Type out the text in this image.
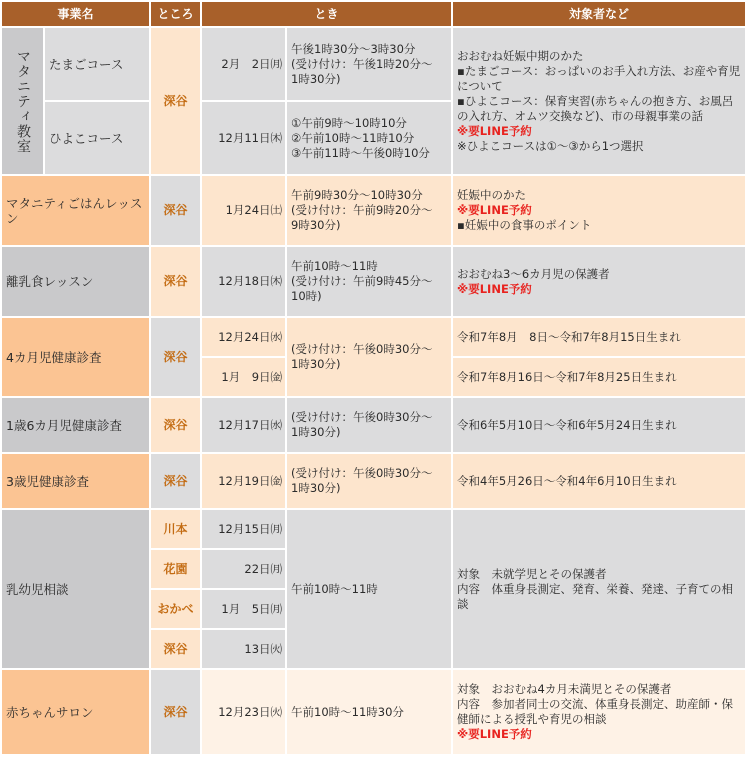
事業名		ところ	とき		対象者など
マタニティ教室	たまごコース	深谷	2月　2日㈪	午後1時30分～3時30分
(受け付け：午後1時20分～
1時30分)	おおむね妊娠中期のかた
▪たまごコース：おっぱいのお手入れ方法、お産や育児について
▪ひよこコース：保育実習(赤ちゃんの抱き方、お風呂の入れ方、オムツ交換など)、市の母親事業の話
※要LINE予約
※ひよこコースは①～③から1つ選択

	ひよこコース		12月11日㈭	①午前9時～10時10分
②午前10時～11時10分
③午前11時～午後0時10分	

マタニティごはんレッスン		深谷	1月24日㈯	午前9時30分～10時30分
(受け付け：午前9時20分～
9時30分)	妊娠中のかた
※要LINE予約
▪妊娠中の食事のポイント

離乳食レッスン		深谷	12月18日㈭	午前10時～11時
(受け付け：午前9時45分～
10時)	おおむね3～6カ月児の保護者
※要LINE予約

4カ月児健康診査		深谷	12月24日㈬	(受け付け：午後0時30分～
1時30分)	令和7年8月　8日～令和7年8月15日生まれ
			1月　9日㈮		令和7年8月16日～令和7年8月25日生まれ
1歳6カ月児健康診査		深谷	12月17日㈬	(受け付け：午後0時30分～
1時30分)	令和6年5月10日～令和6年5月24日生まれ
3歳児健康診査		深谷	12月19日㈮	(受け付け：午後0時30分～
1時30分)	令和4年5月26日～令和4年6月10日生まれ
乳幼児相談		川本	12月15日㈪	午前10時～11時	対象　未就学児とその保護者
内容　体重身長測定、発育、栄養、発達、子育ての相談

		花園	22日㈪		
		おかべ	1月　5日㈪		
		深谷	13日㈫		
赤ちゃんサロン		深谷	12月23日㈫	午前10時～11時30分	対象　おおむね4カ月未満児とその保護者
内容　参加者同士の交流、体重身長測定、助産師・保健師による授乳や育児の相談
※要LINE予約
